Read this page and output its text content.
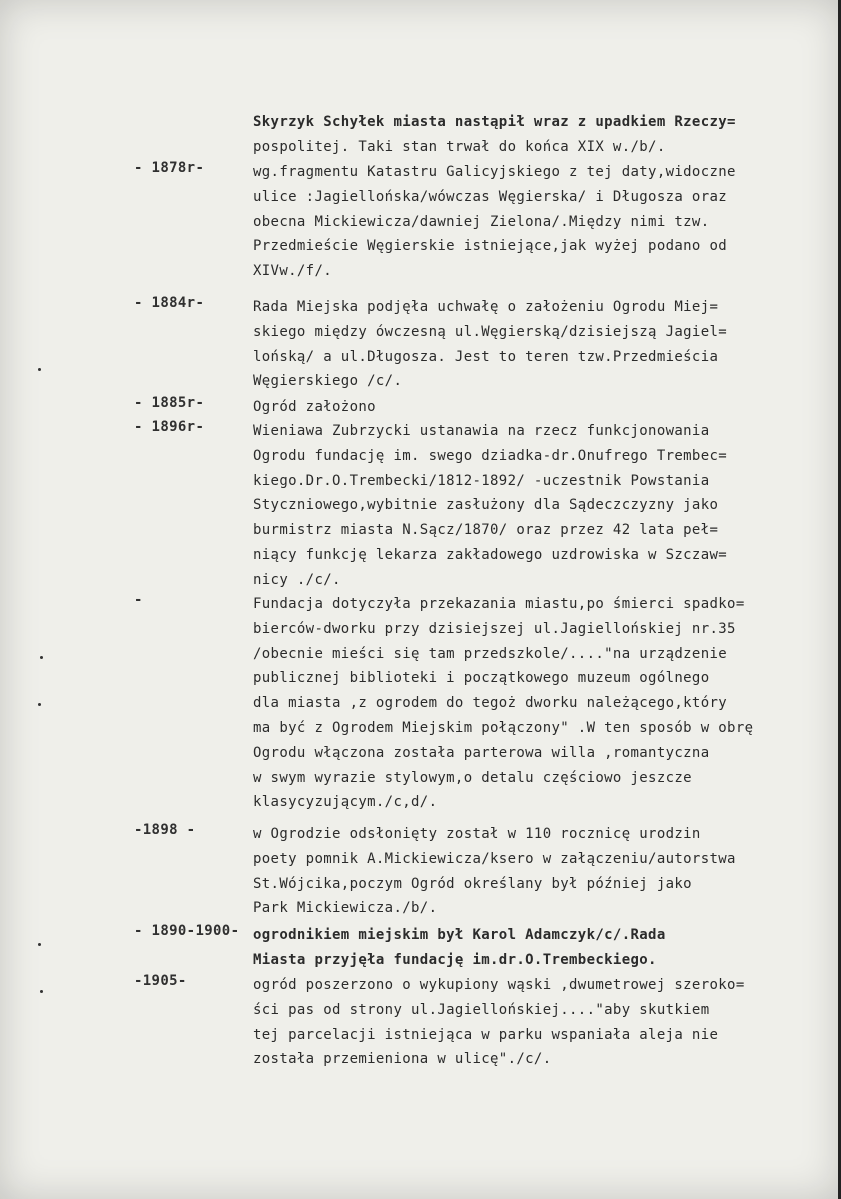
Skyrzyk Schyłek miasta nastąpił wraz z upadkiem Rzeczy=
pospolitej. Taki stan trwał do końca XIX w./b/.
- 1878r-	wg.fragmentu Katastru Galicyjskiego z tej daty,widoczne
ulice :Jagiellońska/wówczas Węgierska/ i Długosza oraz
obecna Mickiewicza/dawniej Zielona/.Między nimi tzw.
Przedmieście Węgierskie istniejące,jak wyżej podano od
XIVw./f/.
- 1884r-	Rada Miejska podjęła uchwałę o założeniu Ogrodu Miej=
skiego między ówczesną ul.Węgierską/dzisiejszą Jagiel=
lońską/ a ul.Długosza. Jest to teren tzw.Przedmieścia
Węgierskiego /c/.
- 1885r-	Ogród założono
- 1896r-	Wieniawa Zubrzycki ustanawia na rzecz funkcjonowania
Ogrodu fundację im. swego dziadka-dr.Onufrego Trembec=
kiego.Dr.O.Trembecki/1812-1892/ -uczestnik Powstania
Styczniowego,wybitnie zasłużony dla Sądeczczyzny jako
burmistrz miasta N.Sącz/1870/ oraz przez 42 lata peł=
niący funkcję lekarza zakładowego uzdrowiska w Szczaw=
nicy ./c/.
-	Fundacja dotyczyła przekazania miastu,po śmierci spadko=
bierców-dworku przy dzisiejszej ul.Jagiellońskiej nr.35
/obecnie mieści się tam przedszkole/...."na urządzenie
publicznej biblioteki i początkowego muzeum ogólnego
dla miasta ,z ogrodem do tegoż dworku należącego,który
ma być z Ogrodem Miejskim połączony" .W ten sposób w obrę
Ogrodu włączona została parterowa willa ,romantyczna
w swym wyrazie stylowym,o detalu częściowo jeszcze
klasycyzującym./c,d/.
-1898 -	w Ogrodzie odsłonięty został w 110 rocznicę urodzin
poety pomnik A.Mickiewicza/ksero w załączeniu/autorstwa
St.Wójcika,poczym Ogród określany był później jako
Park Mickiewicza./b/.
- 1890-1900- ogrodnikiem miejskim był Karol Adamczyk/c/.Rada
Miasta przyjęła fundację im.dr.O.Trembeckiego.
-1905-	ogród poszerzono o wykupiony wąski ,dwumetrowej szeroko=
ści pas od strony ul.Jagiellońskiej...."aby skutkiem
tej parcelacji istniejąca w parku wspaniała aleja nie
została przemieniona w ulicę"./c/.
